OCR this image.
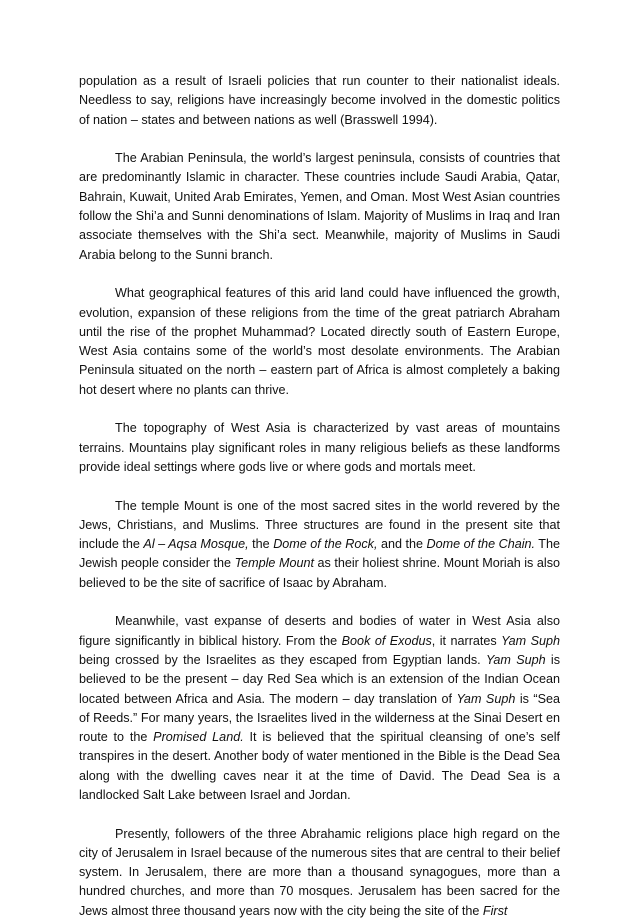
population as a result of Israeli policies that run counter to their nationalist ideals. Needless to say, religions have increasingly become involved in the domestic politics of nation – states and between nations as well (Brasswell 1994).

The Arabian Peninsula, the world’s largest peninsula, consists of countries that are predominantly Islamic in character. These countries include Saudi Arabia, Qatar, Bahrain, Kuwait, United Arab Emirates, Yemen, and Oman. Most West Asian countries follow the Shi’a and Sunni denominations of Islam. Majority of Muslims in Iraq and Iran associate themselves with the Shi’a sect. Meanwhile, majority of Muslims in Saudi Arabia belong to the Sunni branch.

What geographical features of this arid land could have influenced the growth, evolution, expansion of these religions from the time of the great patriarch Abraham until the rise of the prophet Muhammad? Located directly south of Eastern Europe, West Asia contains some of the world’s most desolate environments. The Arabian Peninsula situated on the north – eastern part of Africa is almost completely a baking hot desert where no plants can thrive.

The topography of West Asia is characterized by vast areas of mountains terrains. Mountains play significant roles in many religious beliefs as these landforms provide ideal settings where gods live or where gods and mortals meet.

The temple Mount is one of the most sacred sites in the world revered by the Jews, Christians, and Muslims. Three structures are found in the present site that include the Al – Aqsa Mosque, the Dome of the Rock, and the Dome of the Chain. The Jewish people consider the Temple Mount as their holiest shrine. Mount Moriah is also believed to be the site of sacrifice of Isaac by Abraham.

Meanwhile, vast expanse of deserts and bodies of water in West Asia also figure significantly in biblical history. From the Book of Exodus, it narrates Yam Suph being crossed by the Israelites as they escaped from Egyptian lands. Yam Suph is believed to be the present – day Red Sea which is an extension of the Indian Ocean located between Africa and Asia. The modern – day translation of Yam Suph is “Sea of Reeds.” For many years, the Israelites lived in the wilderness at the Sinai Desert en route to the Promised Land. It is believed that the spiritual cleansing of one’s self transpires in the desert. Another body of water mentioned in the Bible is the Dead Sea along with the dwelling caves near it at the time of David. The Dead Sea is a landlocked Salt Lake between Israel and Jordan.

Presently, followers of the three Abrahamic religions place high regard on the city of Jerusalem in Israel because of the numerous sites that are central to their belief system. In Jerusalem, there are more than a thousand synagogues, more than a hundred churches, and more than 70 mosques. Jerusalem has been sacred for the Jews almost three thousand years now with the city being the site of the First
